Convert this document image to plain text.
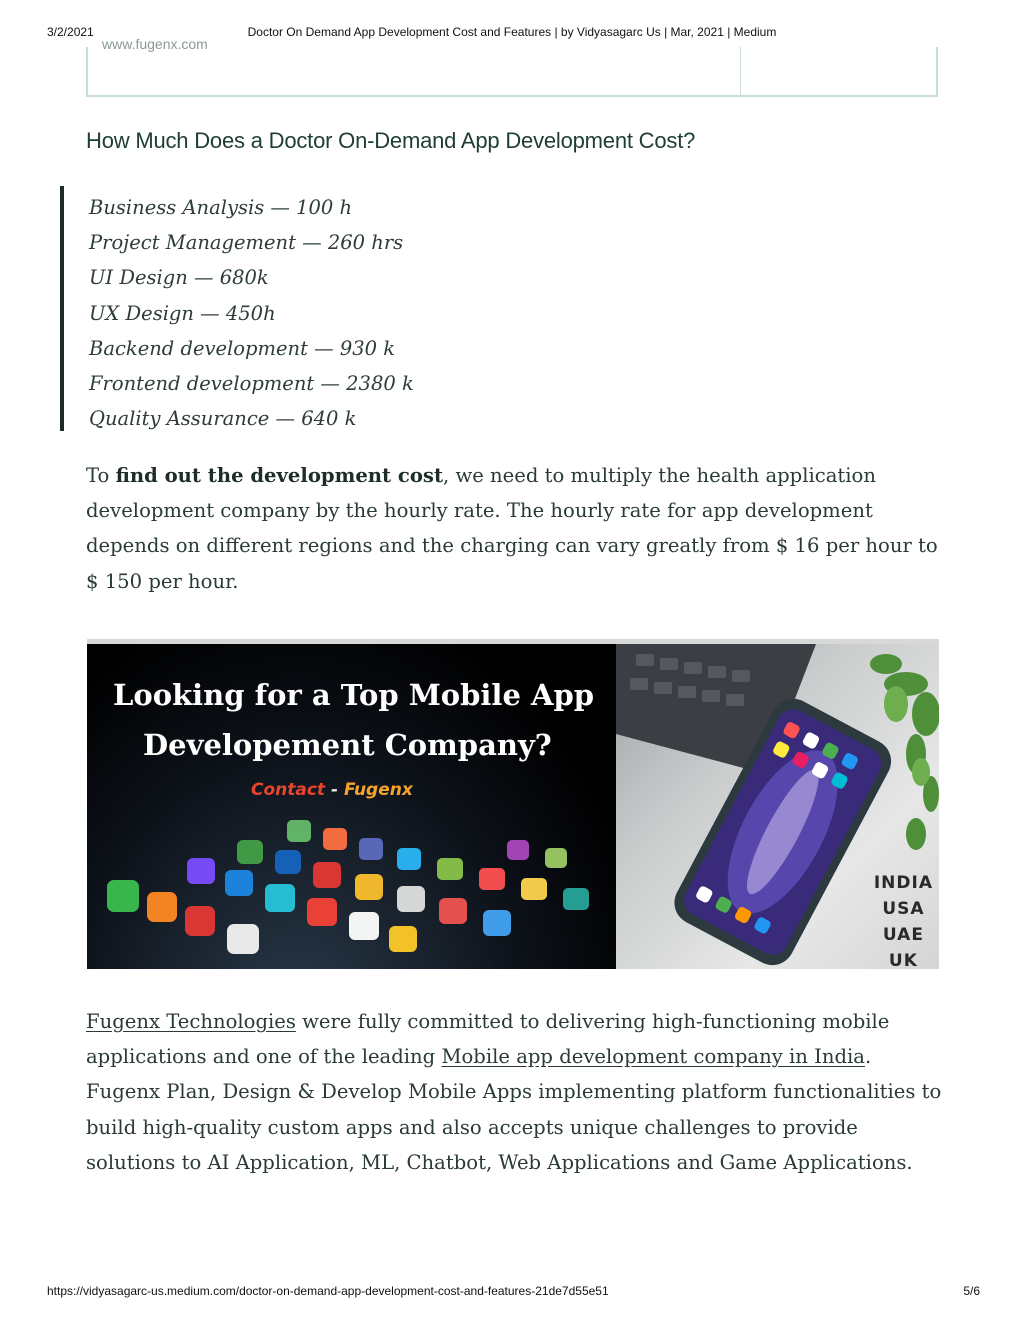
3/2/2021	Doctor On Demand App Development Cost and Features | by Vidyasagarc Us | Mar, 2021 | Medium
www.fugenx.com
How Much Does a Doctor On-Demand App Development Cost?
Business Analysis — 100 h
Project Management — 260 hrs
UI Design — 680k
UX Design — 450h
Backend development — 930 k
Frontend development — 2380 k
Quality Assurance — 640 k

To find out the development cost, we need to multiply the health application development company by the hourly rate. The hourly rate for app development depends on different regions and the charging can vary greatly from $ 16 per hour to $ 150 per hour.

Looking for a Top Mobile App
Developement Company?
Contact - Fugenx
INDIA
USA
UAE
UK

Fugenx Technologies were fully committed to delivering high-functioning mobile applications and one of the leading Mobile app development company in India. Fugenx Plan, Design & Develop Mobile Apps implementing platform functionalities to build high-quality custom apps and also accepts unique challenges to provide solutions to AI Application, ML, Chatbot, Web Applications and Game Applications.

https://vidyasagarc-us.medium.com/doctor-on-demand-app-development-cost-and-features-21de7d55e51	5/6
